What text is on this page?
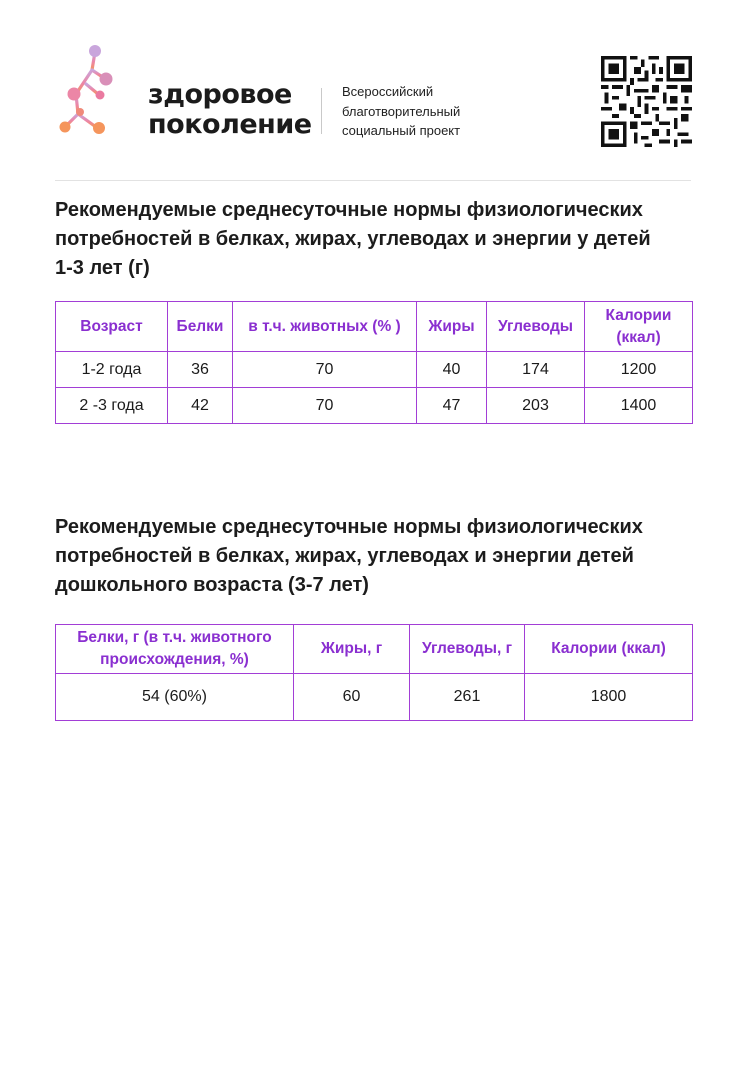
здоровое
поколение
Всероссийский
благотворительный
социальный проект
Рекомендуемые среднесуточные нормы физиологических
потребностей в белках, жирах, углеводах и энергии у детей
1-3 лет (г)
Возраст	Белки	в т.ч. животных (% )	Жиры	Углеводы	Калории (ккал)
1-2 года	36	70	40	174	1200
2 -3 года	42	70	47	203	1400
Рекомендуемые среднесуточные нормы физиологических
потребностей в белках, жирах, углеводах и энергии детей
дошкольного возраста (3-7 лет)
Белки, г (в т.ч. животного происхождения, %)	Жиры, г	Углеводы, г	Калории (ккал)
54 (60%)	60	261	1800
